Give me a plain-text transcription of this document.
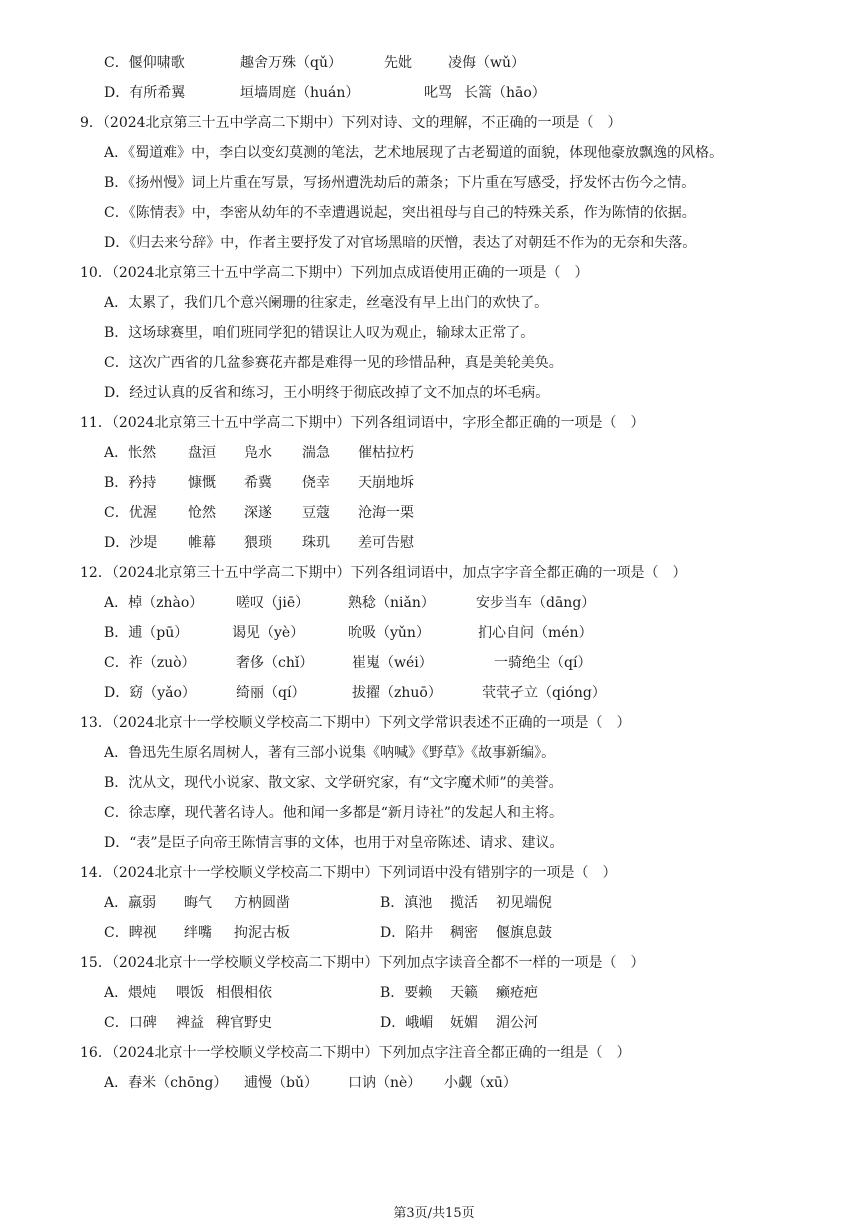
C．偃仰啸歌	趣舍万殊（qǔ）	先妣	凌侮（wǔ）
D．有所希翼	垣墙周庭（huán）	叱骂 长篙（hāo）
9．（2024北京第三十五中学高二下期中）下列对诗、文的理解，不正确的一项是（　）
A．《蜀道难》中，李白以变幻莫测的笔法，艺术地展现了古老蜀道的面貌，体现他豪放飘逸的风格。
B．《扬州慢》词上片重在写景，写扬州遭洗劫后的萧条；下片重在写感受，抒发怀古伤今之情。
C．《陈情表》中，李密从幼年的不幸遭遇说起，突出祖母与自己的特殊关系，作为陈情的依据。
D．《归去来兮辞》中，作者主要抒发了对官场黑暗的厌憎，表达了对朝廷不作为的无奈和失落。
10．（2024北京第三十五中学高二下期中）下列加点成语使用正确的一项是（　）
A．太累了，我们几个意兴阑珊的往家走，丝毫没有早上出门的欢快了。
B．这场球赛里，咱们班同学犯的错误让人叹为观止，输球太正常了。
C．这次广西省的几盆参赛花卉都是难得一见的珍惜品种，真是美轮美奂。
D．经过认真的反省和练习，王小明终于彻底改掉了文不加点的坏毛病。
11．（2024北京第三十五中学高二下期中）下列各组词语中，字形全都正确的一项是（　）
A．怅然 盘洹 凫水 湍急 催枯拉朽
B．矜持 慷慨 希冀 侥幸 天崩地坼
C．优渥 怆然 深遂 豆蔻 沧海一栗
D．沙堤 帷幕 猥琐 珠玑 差可告慰
12．（2024北京第三十五中学高二下期中）下列各组词语中，加点字字音全都正确的一项是（　）
A．棹（zhào） 嗟叹（jiē）	熟稔（niǎn）	安步当车（dāng）
B．逋（pū）	谒见（yè）	吮吸（yǔn）	扪心自问（mén）
C．祚（zuò）	奢侈（chǐ）	崔嵬（wéi）	一骑绝尘（qí）
D．窈（yǎo）	绮丽（qí）	拔擢（zhuō）	茕茕孑立（qióng）
13．（2024北京十一学校顺义学校高二下期中）下列文学常识表述不正确的一项是（　）
A．鲁迅先生原名周树人，著有三部小说集《呐喊》《野草》《故事新编》。
B．沈从文，现代小说家、散文家、文学研究家，有“文字魔术师”的美誉。
C．徐志摩，现代著名诗人。他和闻一多都是“新月诗社”的发起人和主将。
D．“表”是臣子向帝王陈情言事的文体，也用于对皇帝陈述、请求、建议。
14．（2024北京十一学校顺义学校高二下期中）下列词语中没有错别字的一项是（　）
A．羸弱 晦气 方枘圆凿	B．滇池 揽活 初见端倪
C．睥视 绊嘴 拘泥古板	D．陷井 稠密 偃旗息鼓
15．（2024北京十一学校顺义学校高二下期中）下列加点字读音全都不一样的一项是（　）
A．煨炖 喂饭 相偎相依	B．要赖 天籁 癞疮疤
C．口碑 裨益 稗官野史	D．峨嵋 妩媚 湄公河
16．（2024北京十一学校顺义学校高二下期中）下列加点字注音全都正确的一组是（　）
A．舂米（chōng） 逋慢（bǔ） 口讷（nè） 小觑（xū）
第3页/共15页
